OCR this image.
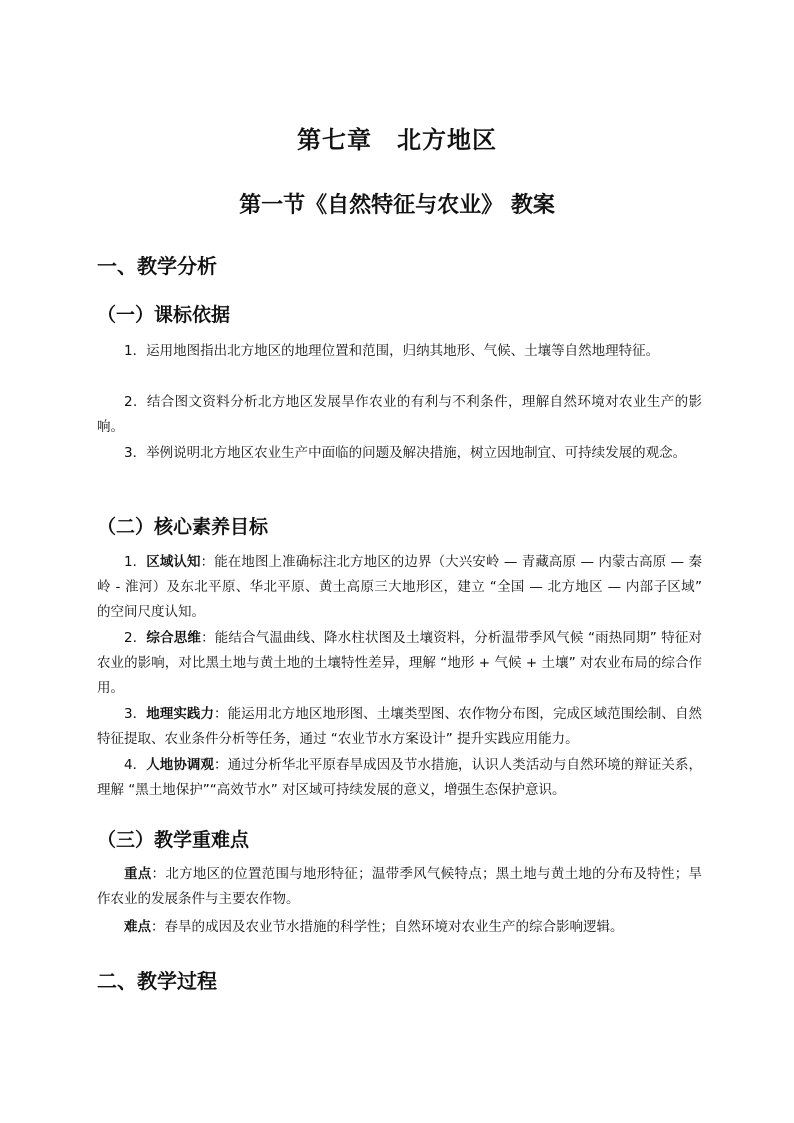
第七章　北方地区
第一节《自然特征与农业》 教案
一、教学分析
（一）课标依据

1．运用地图指出北方地区的地理位置和范围，归纳其地形、气候、土壤等自然地理特征。

2．结合图文资料分析北方地区发展旱作农业的有利与不利条件，理解自然环境对农业生产的影响。

3．举例说明北方地区农业生产中面临的问题及解决措施，树立因地制宜、可持续发展的观念。

（二）核心素养目标

1．区域认知：能在地图上准确标注北方地区的边界（大兴安岭 — 青藏高原 — 内蒙古高原 — 秦岭 - 淮河）及东北平原、华北平原、黄土高原三大地形区，建立 “全国 — 北方地区 — 内部子区域” 的空间尺度认知。

2．综合思维：能结合气温曲线、降水柱状图及土壤资料，分析温带季风气候 “雨热同期” 特征对农业的影响，对比黑土地与黄土地的土壤特性差异，理解 “地形 + 气候 + 土壤” 对农业布局的综合作用。

3．地理实践力：能运用北方地区地形图、土壤类型图、农作物分布图，完成区域范围绘制、自然特征提取、农业条件分析等任务，通过 “农业节水方案设计” 提升实践应用能力。

4．人地协调观：通过分析华北平原春旱成因及节水措施，认识人类活动与自然环境的辩证关系，理解 “黑土地保护”“高效节水” 对区域可持续发展的意义，增强生态保护意识。

（三）教学重难点

重点：北方地区的位置范围与地形特征；温带季风气候特点；黑土地与黄土地的分布及特性；旱作农业的发展条件与主要农作物。

难点：春旱的成因及农业节水措施的科学性；自然环境对农业生产的综合影响逻辑。

二、教学过程
